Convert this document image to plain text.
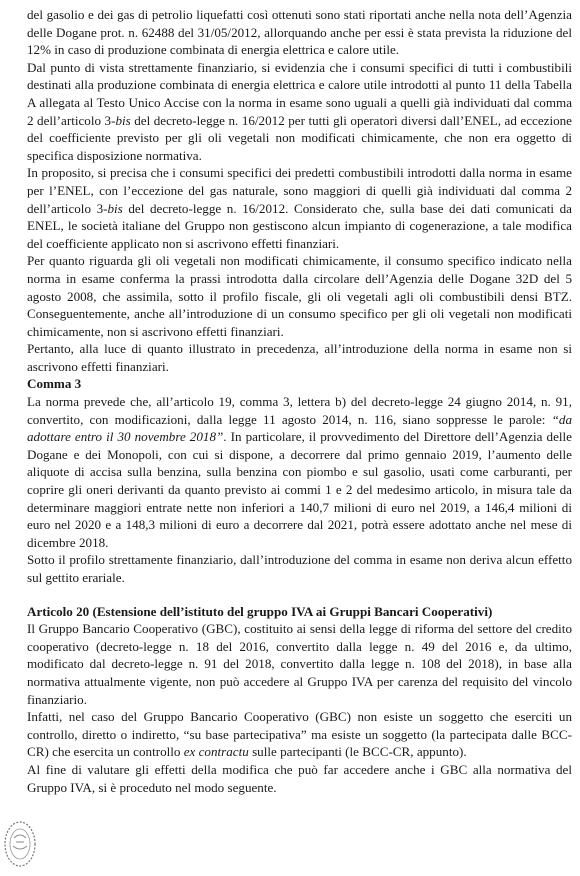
del gasolio e dei gas di petrolio liquefatti così ottenuti sono stati riportati anche nella nota dell’Agenzia delle Dogane prot. n. 62488 del 31/05/2012, allorquando anche per essi è stata prevista la riduzione del 12% in caso di produzione combinata di energia elettrica e calore utile.

Dal punto di vista strettamente finanziario, si evidenzia che i consumi specifici di tutti i combustibili destinati alla produzione combinata di energia elettrica e calore utile introdotti al punto 11 della Tabella A allegata al Testo Unico Accise con la norma in esame sono uguali a quelli già individuati dal comma 2 dell’articolo 3-bis del decreto-legge n. 16/2012 per tutti gli operatori diversi dall’ENEL, ad eccezione del coefficiente previsto per gli oli vegetali non modificati chimicamente, che non era oggetto di specifica disposizione normativa.

In proposito, si precisa che i consumi specifici dei predetti combustibili introdotti dalla norma in esame per l’ENEL, con l’eccezione del gas naturale, sono maggiori di quelli già individuati dal comma 2 dell’articolo 3-bis del decreto-legge n. 16/2012. Considerato che, sulla base dei dati comunicati da ENEL, le società italiane del Gruppo non gestiscono alcun impianto di cogenerazione, a tale modifica del coefficiente applicato non si ascrivono effetti finanziari.

Per quanto riguarda gli oli vegetali non modificati chimicamente, il consumo specifico indicato nella norma in esame conferma la prassi introdotta dalla circolare dell’Agenzia delle Dogane 32D del 5 agosto 2008, che assimila, sotto il profilo fiscale, gli oli vegetali agli oli combustibili densi BTZ. Conseguentemente, anche all’introduzione di un consumo specifico per gli oli vegetali non modificati chimicamente, non si ascrivono effetti finanziari.

Pertanto, alla luce di quanto illustrato in precedenza, all’introduzione della norma in esame non si ascrivono effetti finanziari.

Comma 3

La norma prevede che, all’articolo 19, comma 3, lettera b) del decreto-legge 24 giugno 2014, n. 91, convertito, con modificazioni, dalla legge 11 agosto 2014, n. 116, siano soppresse le parole: “da adottare entro il 30 novembre 2018”. In particolare, il provvedimento del Direttore dell’Agenzia delle Dogane e dei Monopoli, con cui si dispone, a decorrere dal primo gennaio 2019, l’aumento delle aliquote di accisa sulla benzina, sulla benzina con piombo e sul gasolio, usati come carburanti, per coprire gli oneri derivanti da quanto previsto ai commi 1 e 2 del medesimo articolo, in misura tale da determinare maggiori entrate nette non inferiori a 140,7 milioni di euro nel 2019, a 146,4 milioni di euro nel 2020 e a 148,3 milioni di euro a decorrere dal 2021, potrà essere adottato anche nel mese di dicembre 2018.

Sotto il profilo strettamente finanziario, dall’introduzione del comma in esame non deriva alcun effetto sul gettito erariale.

Articolo 20 (Estensione dell’istituto del gruppo IVA ai Gruppi Bancari Cooperativi)

Il Gruppo Bancario Cooperativo (GBC), costituito ai sensi della legge di riforma del settore del credito cooperativo (decreto-legge n. 18 del 2016, convertito dalla legge n. 49 del 2016 e, da ultimo, modificato dal decreto-legge n. 91 del 2018, convertito dalla legge n. 108 del 2018), in base alla normativa attualmente vigente, non può accedere al Gruppo IVA per carenza del requisito del vincolo finanziario.

Infatti, nel caso del Gruppo Bancario Cooperativo (GBC) non esiste un soggetto che eserciti un controllo, diretto o indiretto, “su base partecipativa” ma esiste un soggetto (la partecipata dalle BCC-CR) che esercita un controllo ex contractu sulle partecipanti (le BCC-CR, appunto).

Al fine di valutare gli effetti della modifica che può far accedere anche i GBC alla normativa del Gruppo IVA, si è proceduto nel modo seguente.
